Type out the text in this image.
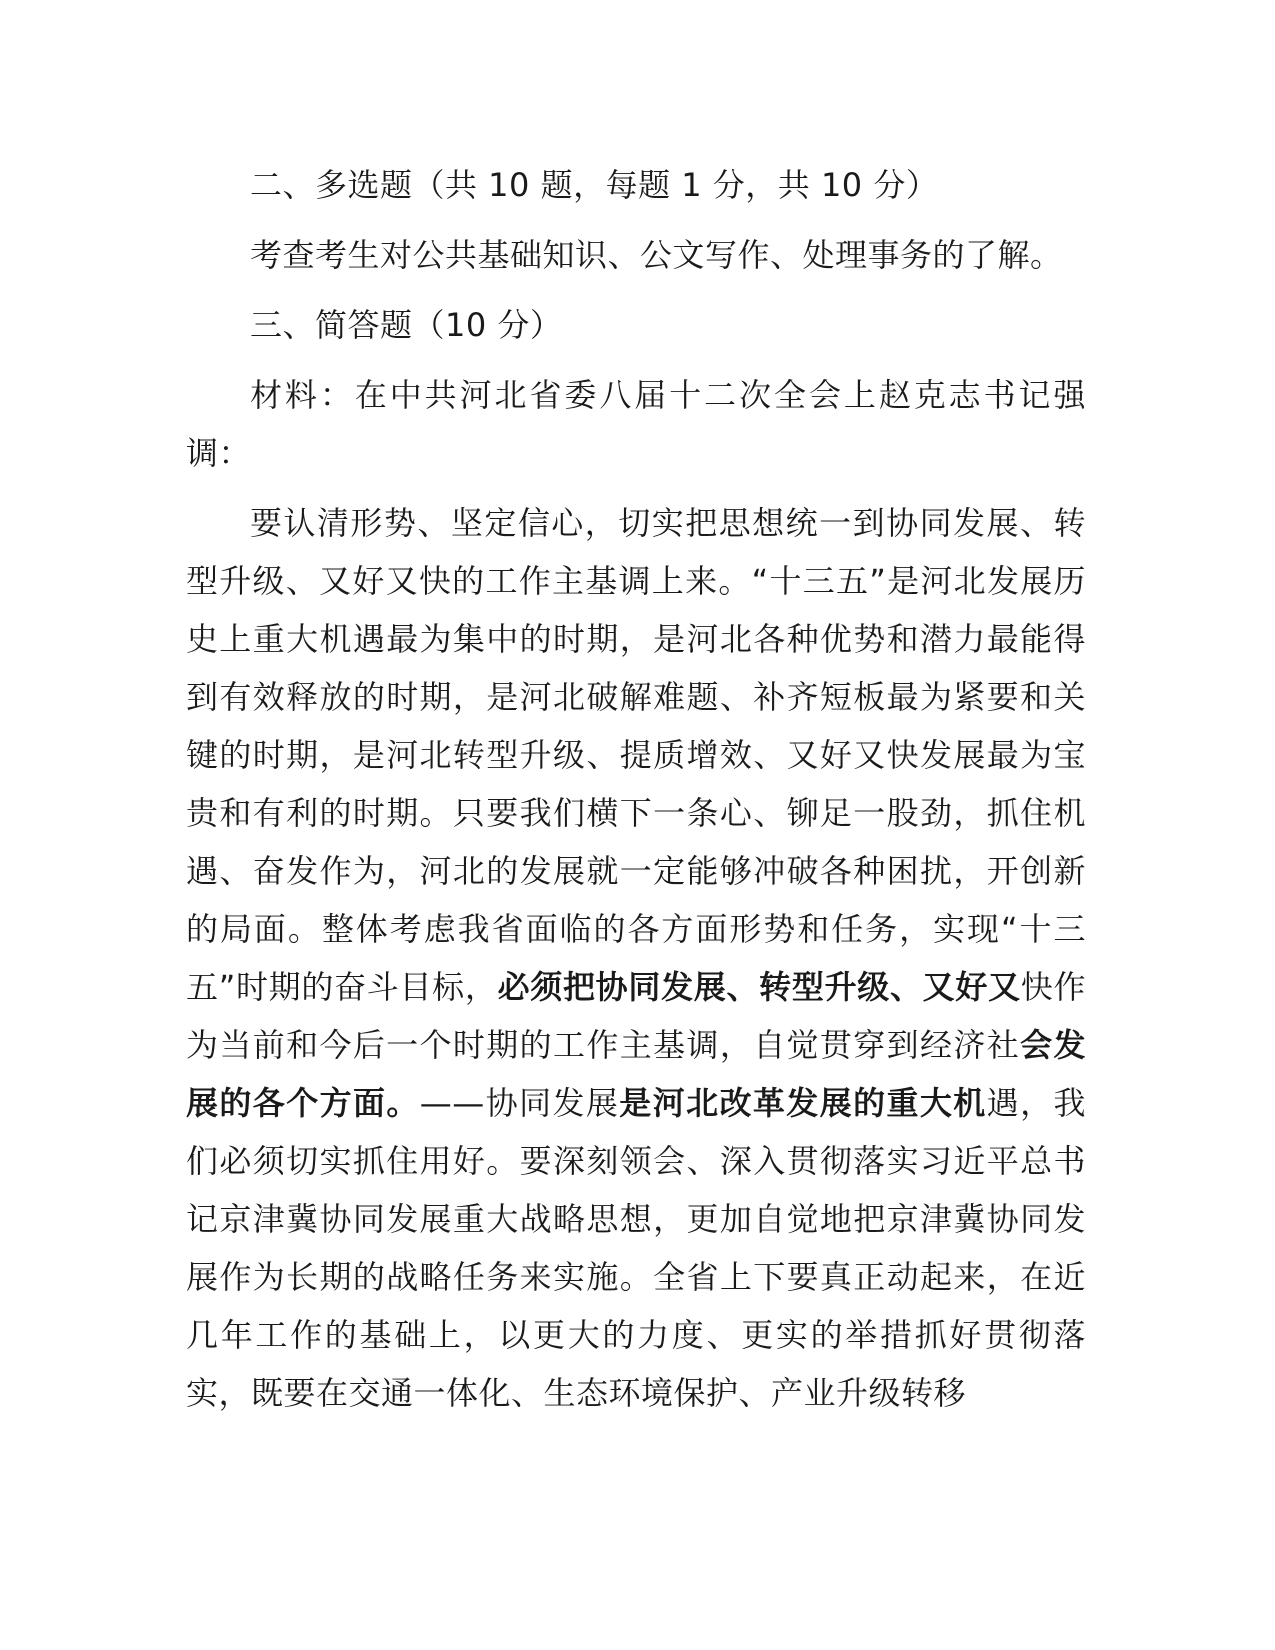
二、多选题（共 10 题，每题 1 分，共 10 分）

考查考生对公共基础知识、公文写作、处理事务的了解。

三、简答题（10 分）

材料：在中共河北省委八届十二次全会上赵克志书记强调：

要认清形势、坚定信心，切实把思想统一到协同发展、转型升级、又好又快的工作主基调上来。“十三五”是河北发展历史上重大机遇最为集中的时期，是河北各种优势和潜力最能得到有效释放的时期，是河北破解难题、补齐短板最为紧要和关键的时期，是河北转型升级、提质增效、又好又快发展最为宝贵和有利的时期。只要我们横下一条心、铆足一股劲，抓住机遇、奋发作为，河北的发展就一定能够冲破各种困扰，开创新的局面。整体考虑我省面临的各方面形势和任务，实现“十三五”时期的奋斗目标，必须把协同发展、转型升级、又好又快作为当前和今后一个时期的工作主基调，自觉贯穿到经济社会发展的各个方面。——协同发展是河北改革发展的重大机遇，我们必须切实抓住用好。要深刻领会、深入贯彻落实习近平总书记京津冀协同发展重大战略思想，更加自觉地把京津冀协同发展作为长期的战略任务来实施。全省上下要真正动起来，在近几年工作的基础上，以更大的力度、更实的举措抓好贯彻落实，既要在交通一体化、生态环境保护、产业升级转移
